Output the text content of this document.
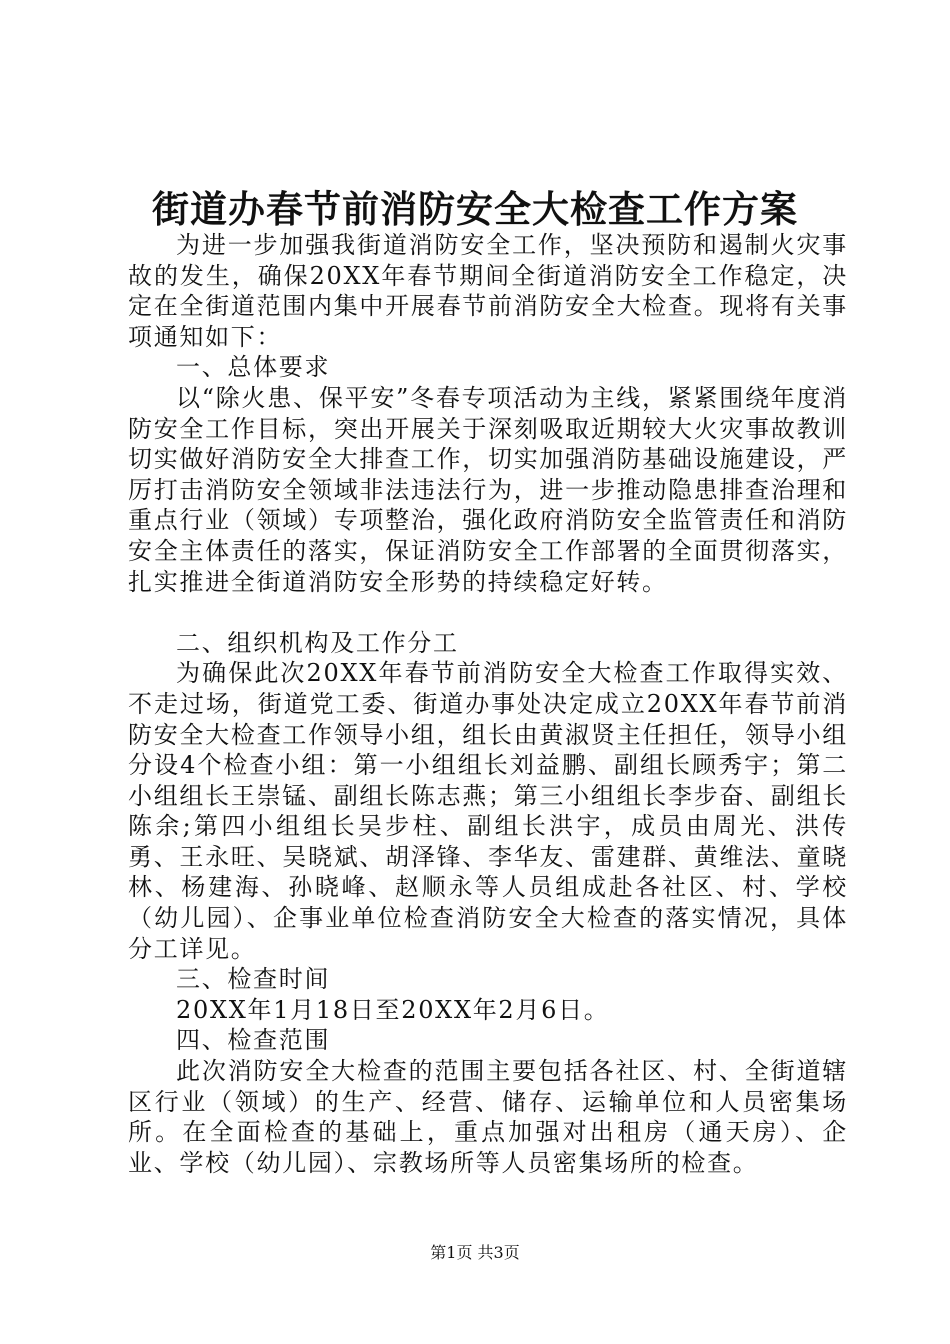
街道办春节前消防安全大检查工作方案

为进一步加强我街道消防安全工作，坚决预防和遏制火灾事故的发生，确保20XX年春节期间全街道消防安全工作稳定，决定在全街道范围内集中开展春节前消防安全大检查。现将有关事项通知如下：

一、总体要求

以“除火患、保平安”冬春专项活动为主线，紧紧围绕年度消防安全工作目标，突出开展关于深刻吸取近期较大火灾事故教训切实做好消防安全大排查工作，切实加强消防基础设施建设，严厉打击消防安全领域非法违法行为，进一步推动隐患排查治理和重点行业（领域）专项整治，强化政府消防安全监管责任和消防安全主体责任的落实，保证消防安全工作部署的全面贯彻落实，扎实推进全街道消防安全形势的持续稳定好转。

二、组织机构及工作分工

为确保此次20XX年春节前消防安全大检查工作取得实效、不走过场，街道党工委、街道办事处决定成立20XX年春节前消防安全大检查工作领导小组，组长由黄淑贤主任担任，领导小组分设4个检查小组：第一小组组长刘益鹏、副组长顾秀宇；第二小组组长王崇锰、副组长陈志燕；第三小组组长李步奋、副组长陈余;第四小组组长吴步柱、副组长洪宇，成员由周光、洪传勇、王永旺、吴晓斌、胡泽锋、李华友、雷建群、黄维法、童晓林、杨建海、孙晓峰、赵顺永等人员组成赴各社区、村、学校（幼儿园）、企事业单位检查消防安全大检查的落实情况，具体分工详见。

三、检查时间

20XX年1月18日至20XX年2月6日。

四、检查范围

此次消防安全大检查的范围主要包括各社区、村、全街道辖区行业（领域）的生产、经营、储存、运输单位和人员密集场所。在全面检查的基础上，重点加强对出租房（通天房）、企业、学校（幼儿园）、宗教场所等人员密集场所的检查。

第1页 共3页
